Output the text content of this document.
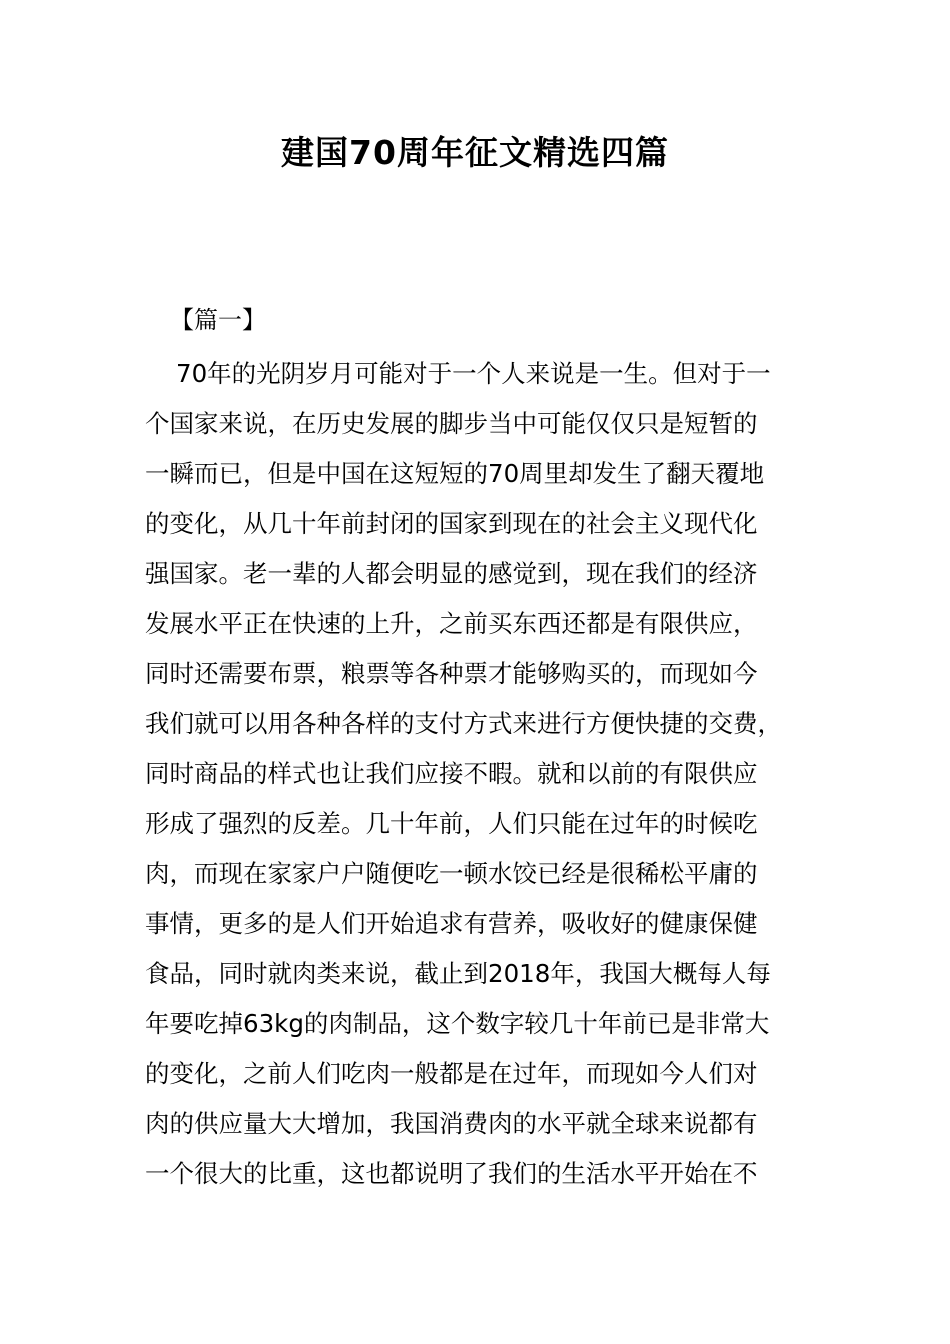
建国70周年征文精选四篇

【篇一】

70年的光阴岁月可能对于一个人来说是一生。但对于一
个国家来说，在历史发展的脚步当中可能仅仅只是短暂的
一瞬而已，但是中国在这短短的70周里却发生了翻天覆地
的变化，从几十年前封闭的国家到现在的社会主义现代化
强国家。老一辈的人都会明显的感觉到，现在我们的经济
发展水平正在快速的上升，之前买东西还都是有限供应，
同时还需要布票，粮票等各种票才能够购买的，而现如今
我们就可以用各种各样的支付方式来进行方便快捷的交费，
同时商品的样式也让我们应接不暇。就和以前的有限供应
形成了强烈的反差。几十年前，人们只能在过年的时候吃
肉，而现在家家户户随便吃一顿水饺已经是很稀松平庸的
事情，更多的是人们开始追求有营养，吸收好的健康保健
食品，同时就肉类来说，截止到2018年，我国大概每人每
年要吃掉63kg的肉制品，这个数字较几十年前已是非常大
的变化，之前人们吃肉一般都是在过年，而现如今人们对
肉的供应量大大增加，我国消费肉的水平就全球来说都有
一个很大的比重，这也都说明了我们的生活水平开始在不
